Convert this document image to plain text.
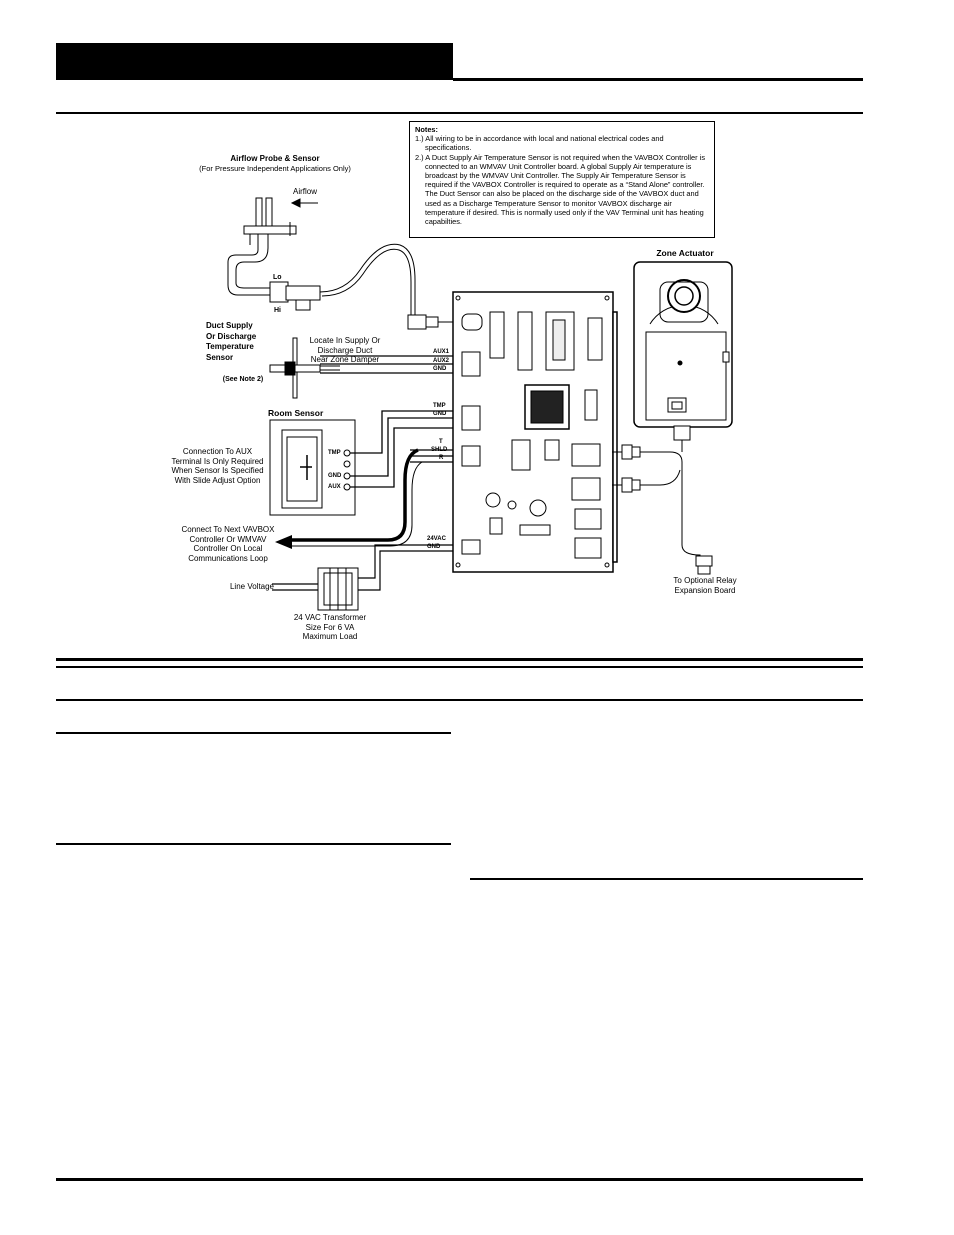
Airflow Probe & Sensor
(For Pressure Independent Applications Only)
Airflow
Lo
Hi
Notes:
1.) All wiring to be in accordance with local and national electrical codes and specifications.
2.) A Duct Supply Air Temperature Sensor is not required when the VAVBOX Controller is connected to an WMVAV Unit Controller board. A global Supply Air temperature is broadcast by the WMVAV Unit Controller. The Supply Air Temperature Sensor is required if the VAVBOX Controller is required to operate as a “Stand Alone” controller. The Duct Sensor can also be placed on the discharge side of the VAVBOX duct and used as a Discharge Temperature Sensor to monitor VAVBOX discharge air temperature if desired. This is normally used only if the VAV Terminal unit has heating capabilties.
Duct Supply
Or Discharge
Temperature
Sensor
(See Note 2)
Locate In Supply Or
Discharge Duct
Near Zone Damper
Room Sensor
TMP
GND
AUX
Connection To AUX
Terminal Is Only Required
When Sensor Is Specified
With Slide Adjust Option
AUX1
AUX2
GND
TMP
GND
T
SHLD
R
24VAC
GND
Connect To Next VAVBOX
Controller Or WMVAV
Controller On Local
Communications Loop
Line Voltage
24 VAC Transformer
Size For 6 VA
Maximum Load
Zone Actuator
To Optional Relay
Expansion Board
